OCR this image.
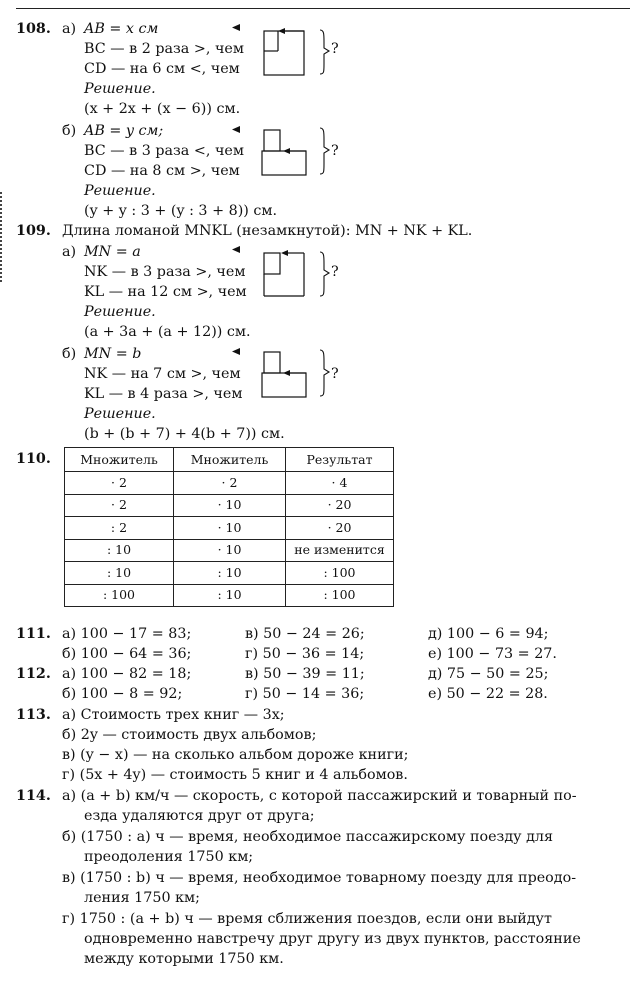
108. а) AB = x см
BC — в 2 раза >, чем
CD — на 6 см <, чем
Решение.
(x + 2x + (x − 6)) см.
?
б) AB = y см;
BC — в 3 раза <, чем
CD — на 8 см >, чем
Решение.
(y + y : 3 + (y : 3 + 8)) см.
?
109. Длина ломаной MNKL (незамкнутой): MN + NK + KL.
а) MN = a
NK — в 3 раза >, чем
KL — на 12 см >, чем
Решение.
(a + 3a + (a + 12)) см.
?
б) MN = b
NK — на 7 см >, чем
KL — в 4 раза >, чем
Решение.
(b + (b + 7) + 4(b + 7)) см.
?
110. Множитель	Множитель	Результат
· 2	· 2	· 4
· 2	· 10	· 20
: 2	· 10	· 20
: 10	· 10	не изменится
: 10	: 10	: 100
: 100	: 10	: 100
111. а) 100 − 17 = 83;	в) 50 − 24 = 26;	д) 100 − 6 = 94;
б) 100 − 64 = 36;	г) 50 − 36 = 14;	е) 100 − 73 = 27.
112. а) 100 − 82 = 18;	в) 50 − 39 = 11;	д) 75 − 50 = 25;
б) 100 − 8 = 92;	г) 50 − 14 = 36;	е) 50 − 22 = 28.
113. а) Стоимость трех книг — 3x;
б) 2y — стоимость двух альбомов;
в) (y − x) — на сколько альбом дороже книги;
г) (5x + 4y) — стоимость 5 книг и 4 альбомов.
114. а) (a + b) км/ч — скорость, с которой пассажирский и товарный по-
езда удаляются друг от друга;
б) (1750 : a) ч — время, необходимое пассажирскому поезду для
преодоления 1750 км;
в) (1750 : b) ч — время, необходимое товарному поезду для преодо-
ления 1750 км;
г) 1750 : (a + b) ч — время сближения поездов, если они выйдут
одновременно навстречу друг другу из двух пунктов, расстояние
между которыми 1750 км.
